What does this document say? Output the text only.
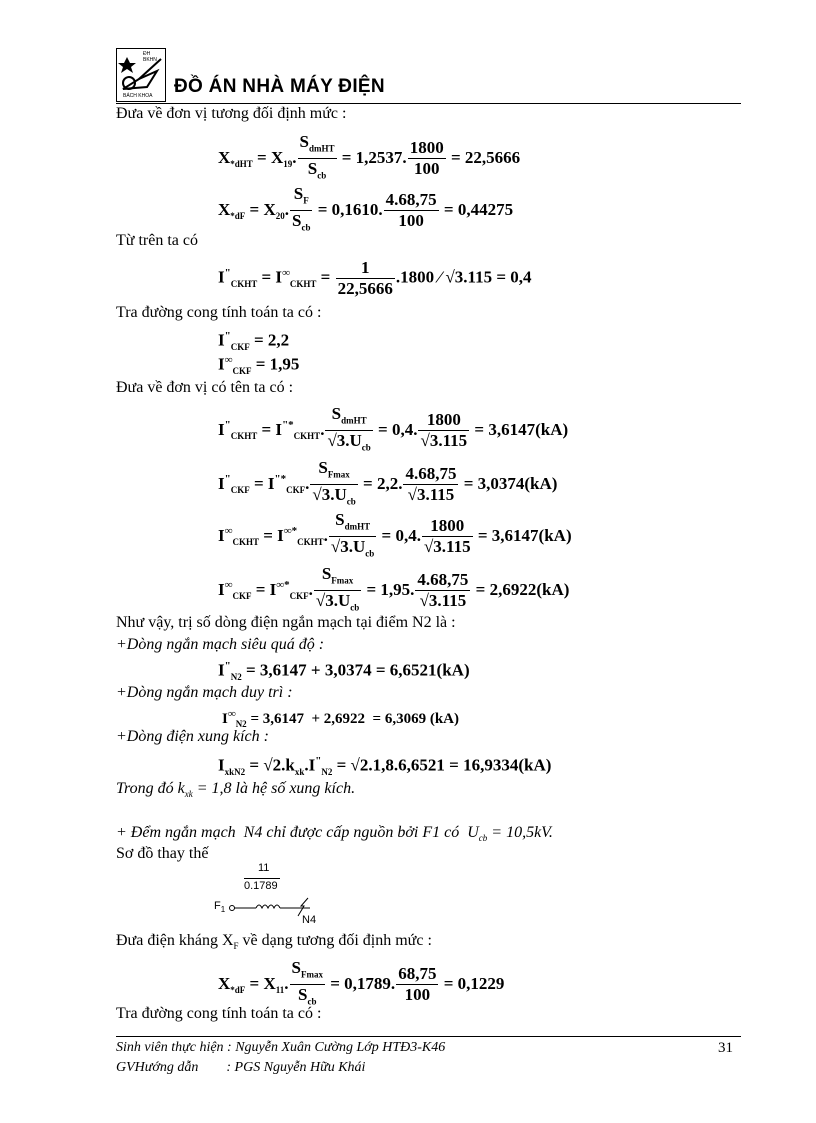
ĐH BKHN
BÁCH KHOA ĐỒ ÁN NHÀ MÁY ĐIỆN
Đưa về đơn vị tương đối định mức :
$X_{*dHT} = X_{19}$. $\frac{S_{dmHT}}{S_{cb}} = 1,2537$. $\frac{1800}{100} = 22,5666$
$X_{*dF} = X_{20}$. $\frac{S_F}{S_{cb}} = 0,1610$. $\frac{4.68,75}{100} = 0,44275$
Từ trên ta có
$I^"_{CKHT} = I^\infty_{CKHT} = \frac{1}{22,5666} .1800$ ⁄ √3.115 = 0,4
Tra đường cong tính toán ta có :
$I^"_{CKF} = 2,2$
$I^\infty_{CKF} = 1,95$
Đưa về đơn vị có tên ta có :
$I^"_{CKHT} = I^{"*}_{CKHT}$. $\frac{S_{dmHT}}{√3.U_{cb}} = 0,4$. $\frac{1800}{√3.115} = 3,6147(kA)$
$I^"_{CKF} = I^{"*}_{CKF}$. $\frac{S_{Fmax}}{√3.U_{cb}} = 2,2$. $\frac{4.68,75}{√3.115} = 3,0374(kA)$
$I^\infty_{CKHT} = I^{\infty*}_{CKHT}$. $\frac{S_{dmHT}}{√3.U_{cb}} = 0,4$. $\frac{1800}{√3.115} = 3,6147(kA)$
$I^\infty_{CKF} = I^{\infty*}_{CKF}$. $\frac{S_{Fmax}}{√3.U_{cb}} = 1,95$. $\frac{4.68,75}{√3.115} = 2,6922(kA)$
Như vậy, trị số dòng điện ngắn mạch tại điểm N2 là :
+Dòng ngắn mạch siêu quá độ :
$I^"_{N2} = 3,6147 + 3,0374 = 6,6521(kA)$
+Dòng ngắn mạch duy trì :
$I^\infty_{N2} = 3,6147 + 2,6922 = 6,3069$ (kA)
+Dòng điện xung kích :
$I_{xkN2} = √2.k_{xk}.I^"_{N2} = √2.1,8.6,6521 = 16,9334(kA)$
Trong đó $k_{xk} = 1,8$ là hệ số xung kích.
+ Đểm ngắn mạch  N4 chỉ được cấp nguồn bởi F1 có  $U_{cb} = 10,5kV$.
Sơ đồ thay thế
11
0.1789
$F_1$
N4
Đưa điện kháng $X_F$ về dạng tương đối định mức :
$X_{*dF} = X_{11}$. $\frac{S_{Fmax}}{S_{cb}} = 0,1789$. $\frac{68,75}{100} = 0,1229$
Tra đường cong tính toán ta có :
Sinh viên thực hiện : Nguyễn Xuân Cường Lớp HTĐ3-K46
GVHướng dẫn        : PGS Nguyễn Hữu Khái
31
